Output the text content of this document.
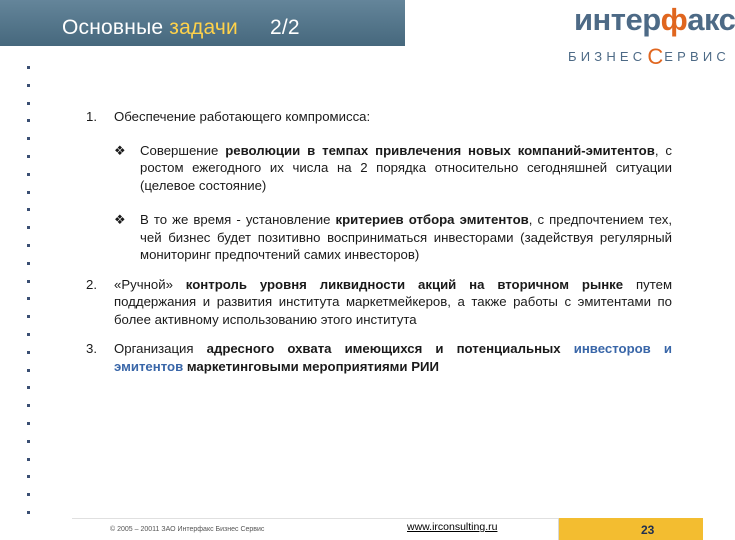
Основные задачи 2/2	интерфакс
БИЗНЕССЕРВИС
1. Обеспечение работающего компромисса:
❖ Совершение революции в темпах привлечения новых компаний-эмитентов, с ростом ежегодного их числа на 2 порядка относительно сегодняшней ситуации (целевое состояние)
❖ В то же время - установление критериев отбора эмитентов, с предпочтением тех, чей бизнес будет позитивно восприниматься инвесторами (задействуя регулярный мониторинг предпочтений самих инвесторов)
2. «Ручной» контроль уровня ликвидности акций на вторичном рынке путем поддержания и развития института маркетмейкеров, а также работы с эмитентами по более активному использованию этого института
3. Организация адресного охвата имеющихся и потенциальных инвесторов и эмитентов маркетинговыми мероприятиями РИИ
© 2005 – 20011 ЗАО Интерфакс Бизнес Сервис	www.irconsulting.ru	23
